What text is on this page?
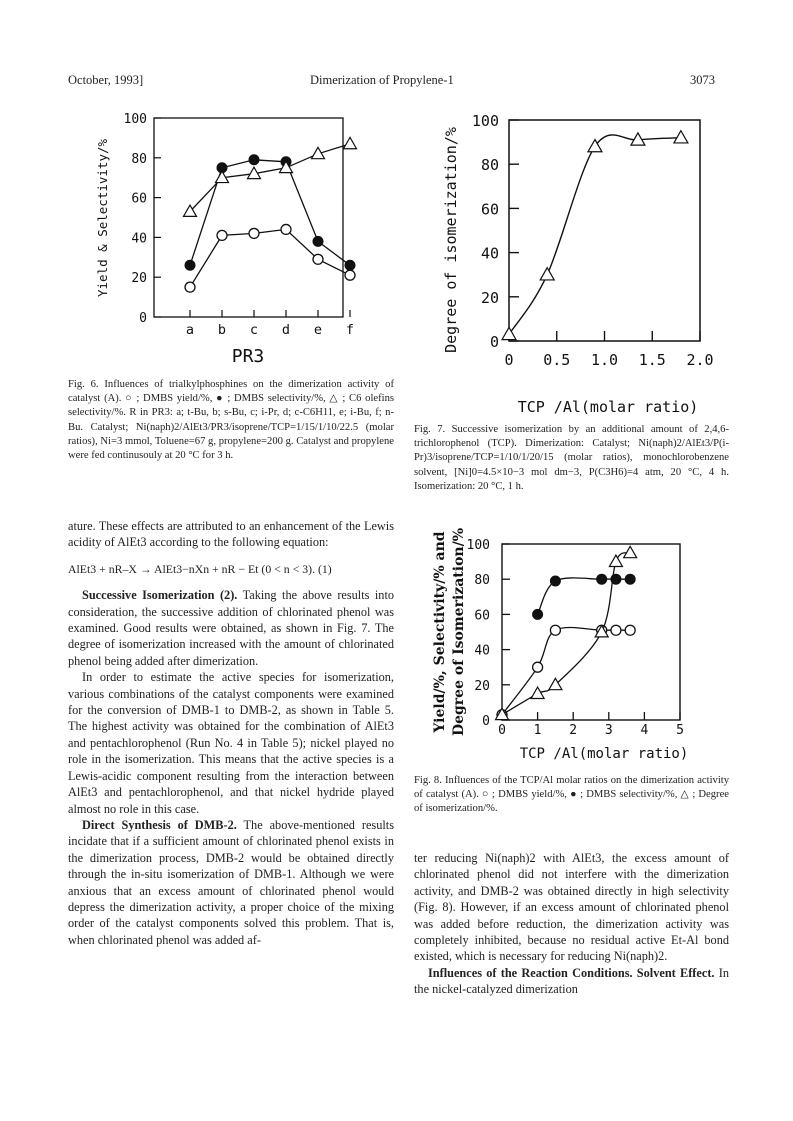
October, 1993]	Dimerization of Propylene-1	3073
0
20
40
60
80
100
a b c d e f
PR3
Yield & Selectivity/%

Fig. 6. Influences of trialkylphosphines on the dimerization activity of catalyst (A). ○ ; DMBS yield/%, ● ; DMBS selectivity/%, △ ; C6 olefins selectivity/%. R in PR3: a; t-Bu, b; s-Bu, c; i-Pr, d; c-C6H11, e; i-Bu, f; n-Bu. Catalyst; Ni(naph)2/AlEt3/PR3/isoprene/TCP=1/15/1/10/22.5 (molar ratios), Ni=3 mmol, Toluene=67 g, propylene=200 g. Catalyst and propylene were fed continusouly at 20 °C for 3 h.

0
20
40
60
80
100
0 0.5 1.0 1.5 2.0
TCP /Al(molar ratio)
Degree of isomerization/%

Fig. 7. Successive isomerization by an additional amount of 2,4,6-trichlorophenol (TCP). Dimerization: Catalyst; Ni(naph)2/AlEt3/P(i-Pr)3/isoprene/TCP=1/10/1/20/15 (molar ratios), monochlorobenzene solvent, [Ni]0=4.5×10−3 mol dm−3, P(C3H6)=4 atm, 20 °C, 4 h. Isomerization: 20 °C, 1 h.

0
20
40
60
80
100
0 1 2 3 4 5
TCP /Al(molar ratio)
Yield/%, Selectivity/% and Degree of Isomerization/%

Fig. 8. Influences of the TCP/Al molar ratios on the dimerization activity of catalyst (A). ○ ; DMBS yield/%, ● ; DMBS selectivity/%, △ ; Degree of isomerization/%.

ature. These effects are attributed to an enhancement of the Lewis acidity of AlEt3 according to the following equation:

AlEt3 + nR–X → AlEt3−nXn + nR − Et (0 < n < 3). (1)

Successive Isomerization (2). Taking the above results into consideration, the successive addition of chlorinated phenol was examined. Good results were obtained, as shown in Fig. 7. The degree of isomerization increased with the amount of chlorinated phenol being added after dimerization.

In order to estimate the active species for isomerization, various combinations of the catalyst components were examined for the conversion of DMB-1 to DMB-2, as shown in Table 5. The highest activity was obtained for the combination of AlEt3 and pentachlorophenol (Run No. 4 in Table 5); nickel played no role in the isomerization. This means that the active species is a Lewis-acidic component resulting from the interaction between AlEt3 and pentachlorophenol, and that nickel hydride played almost no role in this case.

Direct Synthesis of DMB-2. The above-mentioned results incidate that if a sufficient amount of chlorinated phenol exists in the dimerization process, DMB-2 would be obtained directly through the in-situ isomerization of DMB-1. Although we were anxious that an excess amount of chlorinated phenol would depress the dimerization activity, a proper choice of the mixing order of the catalyst components solved this problem. That is, when chlorinated phenol was added af-

ter reducing Ni(naph)2 with AlEt3, the excess amount of chlorinated phenol did not interfere with the dimerization activity, and DMB-2 was obtained directly in high selectivity (Fig. 8). However, if an excess amount of chlorinated phenol was added before reduction, the dimerization activity was completely inhibited, because no residual active Et-Al bond existed, which is necessary for reducing Ni(naph)2.

Influences of the Reaction Conditions. Solvent Effect. In the nickel-catalyzed dimerization
